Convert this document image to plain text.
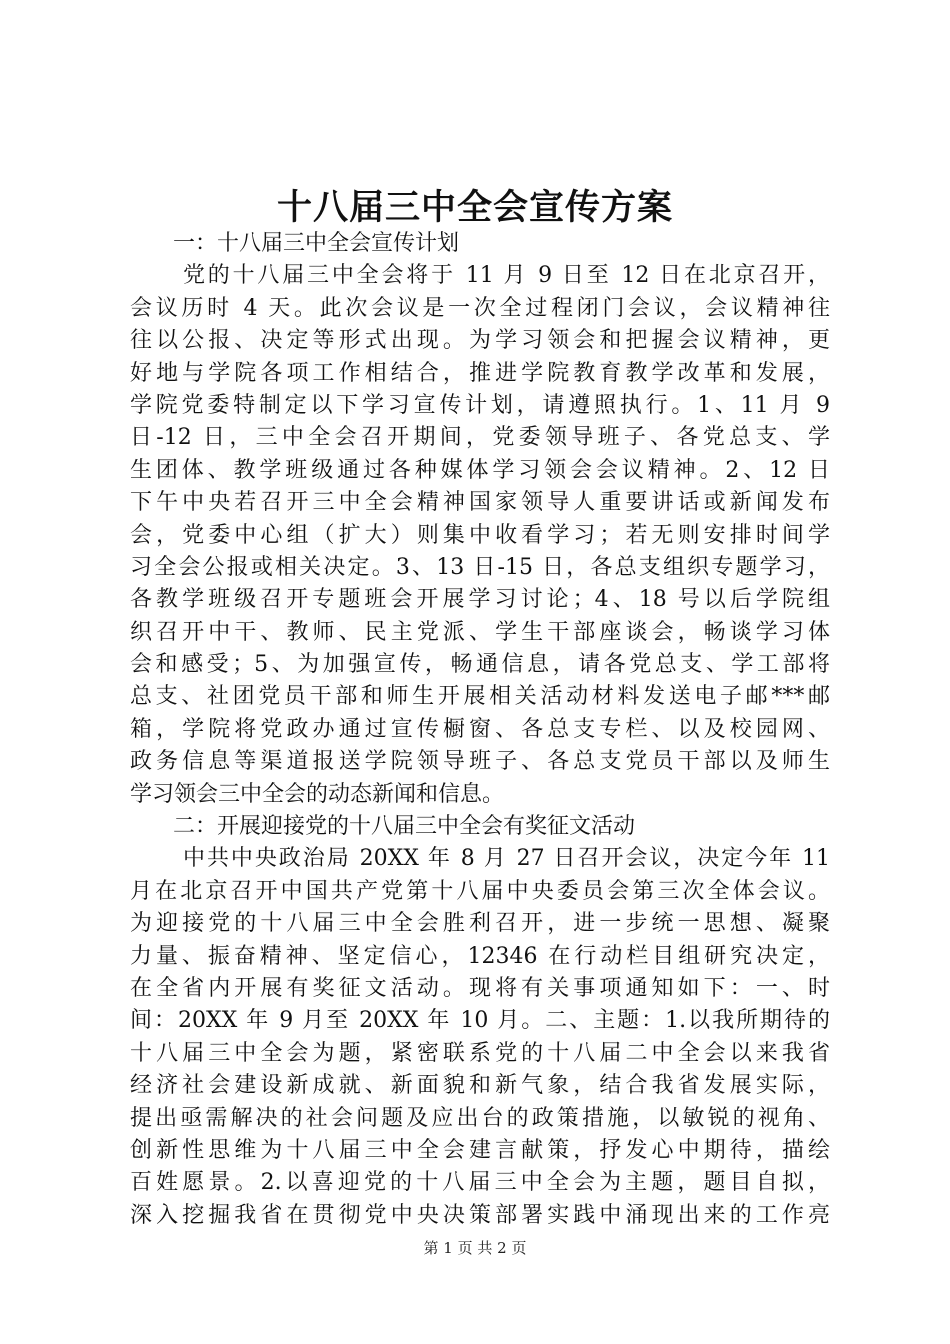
十八届三中全会宣传方案
一：十八届三中全会宣传计划
党的十八届三中全会将于 11 月 9 日至 12 日在北京召开，
会议历时 4 天。此次会议是一次全过程闭门会议，会议精神往
往以公报、决定等形式出现。为学习领会和把握会议精神，更
好地与学院各项工作相结合，推进学院教育教学改革和发展，
学院党委特制定以下学习宣传计划，请遵照执行。1、11 月 9
日-12 日，三中全会召开期间，党委领导班子、各党总支、学
生团体、教学班级通过各种媒体学习领会会议精神。2、12 日
下午中央若召开三中全会精神国家领导人重要讲话或新闻发布
会，党委中心组（扩大）则集中收看学习；若无则安排时间学
习全会公报或相关决定。3、13 日-15 日，各总支组织专题学习，
各教学班级召开专题班会开展学习讨论；4、18 号以后学院组
织召开中干、教师、民主党派、学生干部座谈会，畅谈学习体
会和感受；5、为加强宣传，畅通信息，请各党总支、学工部将
总支、社团党员干部和师生开展相关活动材料发送电子邮***邮
箱，学院将党政办通过宣传橱窗、各总支专栏、以及校园网、
政务信息等渠道报送学院领导班子、各总支党员干部以及师生
学习领会三中全会的动态新闻和信息。
二：开展迎接党的十八届三中全会有奖征文活动
中共中央政治局 20XX 年 8 月 27 日召开会议，决定今年 11
月在北京召开中国共产党第十八届中央委员会第三次全体会议。
为迎接党的十八届三中全会胜利召开，进一步统一思想、凝聚
力量、振奋精神、坚定信心，12346 在行动栏目组研究决定，
在全省内开展有奖征文活动。现将有关事项通知如下：一、时
间：20XX 年 9 月至 20XX 年 10 月。二、主题：1.以我所期待的
十八届三中全会为题，紧密联系党的十八届二中全会以来我省
经济社会建设新成就、新面貌和新气象，结合我省发展实际，
提出亟需解决的社会问题及应出台的政策措施，以敏锐的视角、
创新性思维为十八届三中全会建言献策，抒发心中期待，描绘
百姓愿景。2.以喜迎党的十八届三中全会为主题，题目自拟，
深入挖掘我省在贯彻党中央决策部署实践中涌现出来的工作亮
第 1 页 共 2 页
